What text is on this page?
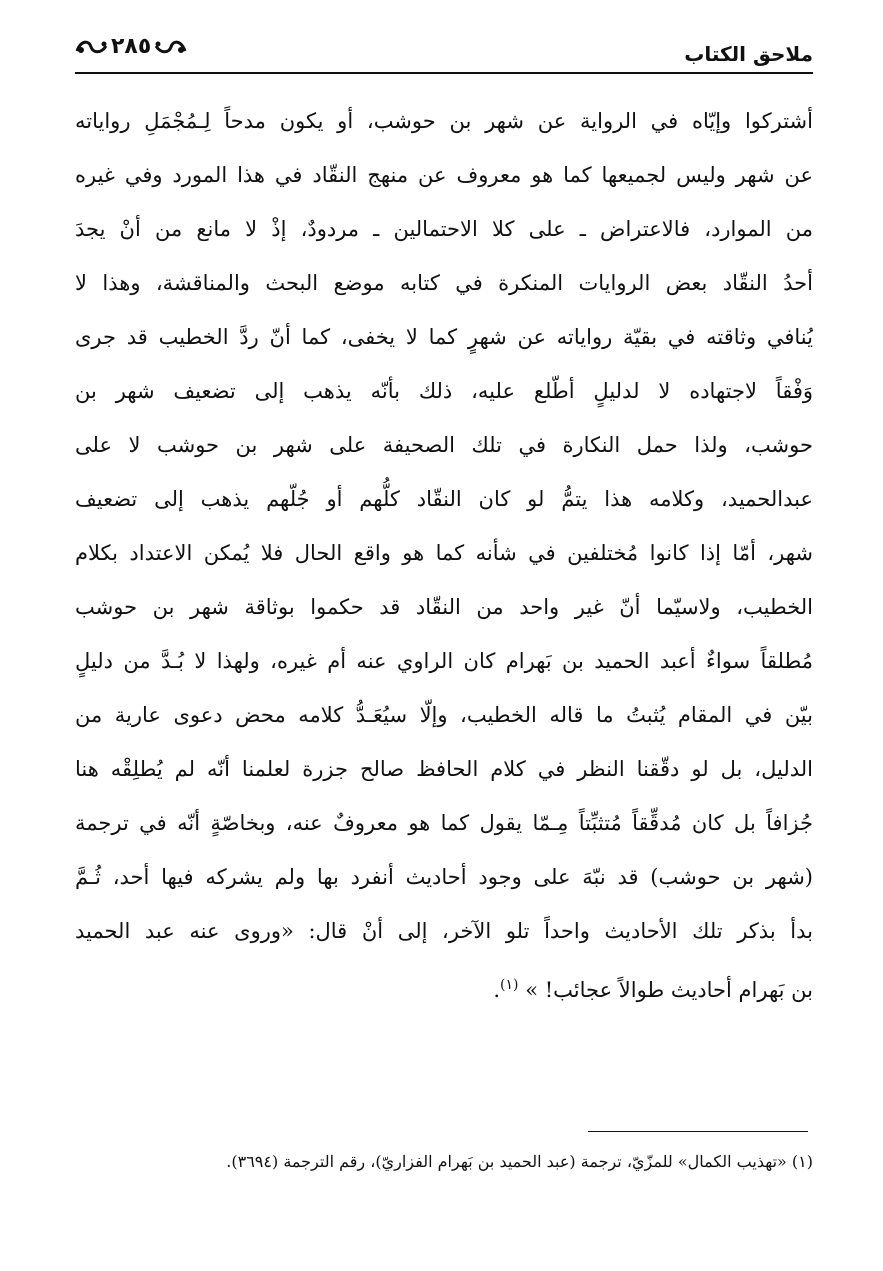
ملاحق الكتاب
٢٨٥
أشتركوا وإيّاه في الرواية عن شهر بن حوشب، أو يكون مدحاً لِـمُجْمَلِ رواياته
عن شهر وليس لجميعها كما هو معروف عن منهج النقّاد في هذا المورد وفي غيره
من الموارد، فالاعتراض ـ على كلا الاحتمالين ـ مردودٌ، إذْ لا مانع من أنْ يجدَ
أحدُ النقّاد بعض الروايات المنكرة في كتابه موضع البحث والمناقشة، وهذا لا
يُنافي وثاقته في بقيّة رواياته عن شهرٍ كما لا يخفى، كما أنّ ردَّ الخطيب قد جرى
وَفْقاً لاجتهاده لا لدليلٍ أطّلع عليه، ذلك بأنّه يذهب إلى تضعيف شهر بن
حوشب، ولذا حمل النكارة في تلك الصحيفة على شهر بن حوشب لا على
عبدالحميد، وكلامه هذا يتمُّ لو كان النقّاد كلُّهم أو جُلّهم يذهب إلى تضعيف
شهر، أمّا إذا كانوا مُختلفين في شأنه كما هو واقع الحال فلا يُمكن الاعتداد بكلام
الخطيب، ولاسيّما أنّ غير واحد من النقّاد قد حكموا بوثاقة شهر بن حوشب
مُطلقاً سواءٌ أعبد الحميد بن بَهرام كان الراوي عنه أم غيره، ولهذا لا بُـدَّ من دليلٍ
بيّن في المقام يُثبتُ ما قاله الخطيب، وإلّا سيُعَـدُّ كلامه محض دعوى عارية من
الدليل، بل لو دقّقنا النظر في كلام الحافظ صالح جزرة لعلمنا أنّه لم يُطلِقْه هنا
جُزافاً بل كان مُدقِّقاً مُتثبِّتاً مِـمّا يقول كما هو معروفٌ عنه، وبخاصّةٍ أنّه في ترجمة
(شهر بن حوشب) قد نبّهَ على وجود أحاديث أنفرد بها ولم يشركه فيها أحد، ثُـمَّ
بدأ بذكر تلك الأحاديث واحداً تلو الآخر، إلى أنْ قال: «وروى عنه عبد الحميد
بن بَهرام أحاديث طوالاً عجائب! » $^{(١)}$.
(١) «تهذيب الكمال» للمزّيّ، ترجمة (عبد الحميد بن بَهرام الفزاريّ)، رقم الترجمة (٣٦٩٤).
